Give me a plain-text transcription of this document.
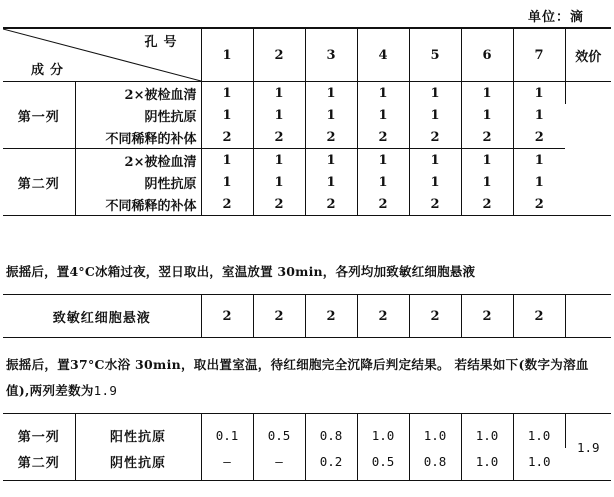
单位：滴
孔号
成分		1	2	3	4	5	6	7	效价
第一列	2×被检血清	1	1	1	1	1	1	1	
	阴性抗原	1	1	1	1	1	1	1	
	不同稀释的补体	2	2	2	2	2	2	2	
第二列	2×被检血清	1	1	1	1	1	1	1	
	阴性抗原	1	1	1	1	1	1	1	
	不同稀释的补体	2	2	2	2	2	2	2	
振摇后，置4°C冰箱过夜，翌日取出，室温放置 30min，各列均加致敏红细胞悬液
致敏红细胞悬液	2	2	2	2	2	2	2	
振摇后，置37°C水浴 30min，取出置室温，待红细胞完全沉降后判定结果。 若结果如下(数字为溶血值),两列差数为1.9
第一列	阳性抗原	0.1	0.5	0.8	1.0	1.0	1.0	1.0	1.9
第二列	阴性抗原	—	—	0.2	0.5	0.8	1.0	1.0	
